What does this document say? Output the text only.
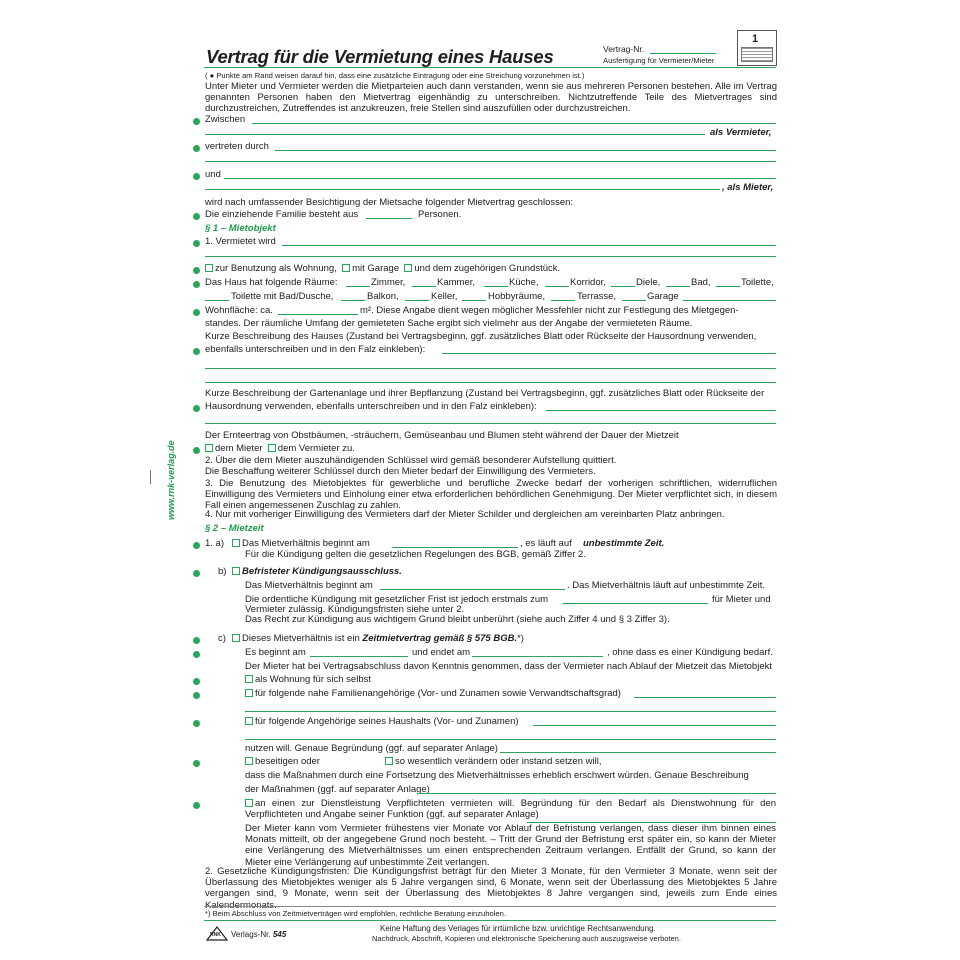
Vertrag für die Vermietung eines Hauses	Vertrag-Nr.
Ausfertigung für Vermieter/Mieter
1
www.rnk-verlag.de
( ● Punkte am Rand weisen darauf hin, dass eine zusätzliche Eintragung oder eine Streichung vorzunehmen ist.)
Unter Mieter und Vermieter werden die Mietparteien auch dann verstanden, wenn sie aus mehreren Personen bestehen. Alle im Vertrag genannten Personen haben den Mietvertrag eigenhändig zu unterschreiben. Nichtzutreffende Teile des Mietvertrages sind durchzustreichen, Zutreffendes ist anzukreuzen, freie Stellen sind auszufüllen oder durchzustreichen.
Zwischen
als Vermieter,
vertreten durch
und
, als Mieter,
wird nach umfassender Besichtigung der Mietsache folgender Mietvertrag geschlossen:
Die einziehende Familie besteht aus	Personen.
§ 1 – Mietobjekt
1. Vermietet wird
zur Benutzung als Wohnung, mit Garage und dem zugehörigen Grundstück.
Das Haus hat folgende Räume:	Zimmer,	Kammer,	Küche,	Korridor,	Diele,	Bad,	Toilette,
Toilette mit Bad/Dusche,	Balkon,	Keller,	Hobbyräume,	Terrasse,	Garage
Wohnfläche: ca.	m². Diese Angabe dient wegen möglicher Messfehler nicht zur Festlegung des Mietgegen-
standes. Der räumliche Umfang der gemieteten Sache ergibt sich vielmehr aus der Angabe der vermieteten Räume.
Kurze Beschreibung des Hauses (Zustand bei Vertragsbeginn, ggf. zusätzliches Blatt oder Rückseite der Hausordnung verwenden,
ebenfalls unterschreiben und in den Falz einkleben):
Kurze Beschreibung der Gartenanlage und ihrer Bepflanzung (Zustand bei Vertragsbeginn, ggf. zusätzliches Blatt oder Rückseite der
Hausordnung verwenden, ebenfalls unterschreiben und in den Falz einkleben):
Der Ernteertrag von Obstbäumen, -sträuchern, Gemüseanbau und Blumen steht während der Dauer der Mietzeit
dem Mieter dem Vermieter zu.
2. Über die dem Mieter auszuhändigenden Schlüssel wird gemäß besonderer Aufstellung quittiert.
Die Beschaffung weiterer Schlüssel durch den Mieter bedarf der Einwilligung des Vermieters.
3. Die Benutzung des Mietobjektes für gewerbliche und berufliche Zwecke bedarf der vorherigen schriftlichen, widerruflichen Einwilligung des Vermieters und Einholung einer etwa erforderlichen behördlichen Genehmigung. Der Mieter verpflichtet sich, in diesem Fall einen angemessenen Zuschlag zu zahlen.
4. Nur mit vorheriger Einwilligung des Vermieters darf der Mieter Schilder und dergleichen am vereinbarten Platz anbringen.
§ 2 – Mietzeit
1. a)	Das Mietverhältnis beginnt am	, es läuft auf unbestimmte Zeit.
Für die Kündigung gelten die gesetzlichen Regelungen des BGB, gemäß Ziffer 2.
b)	Befristeter Kündigungsausschluss.
Das Mietverhältnis beginnt am	. Das Mietverhältnis läuft auf unbestimmte Zeit.
Die ordentliche Kündigung mit gesetzlicher Frist ist jedoch erstmals zum	für Mieter und
Vermieter zulässig. Kündigungsfristen siehe unter 2.
Das Recht zur Kündigung aus wichtigem Grund bleibt unberührt (siehe auch Ziffer 4 und § 3 Ziffer 3).
c)	Dieses Mietverhältnis ist ein Zeitmietvertrag gemäß § 575 BGB.*)
Es beginnt am	und endet am	, ohne dass es einer Kündigung bedarf.
Der Mieter hat bei Vertragsabschluss davon Kenntnis genommen, dass der Vermieter nach Ablauf der Mietzeit das Mietobjekt
als Wohnung für sich selbst
für folgende nahe Familienangehörige (Vor- und Zunamen sowie Verwandtschaftsgrad)
für folgende Angehörige seines Haushalts (Vor- und Zunamen)
nutzen will. Genaue Begründung (ggf. auf separater Anlage)
beseitigen oder	so wesentlich verändern oder instand setzen will,
dass die Maßnahmen durch eine Fortsetzung des Mietverhältnisses erheblich erschwert würden. Genaue Beschreibung
der Maßnahmen (ggf. auf separater Anlage)
an einen zur Dienstleistung Verpflichteten vermieten will. Begründung für den Bedarf als Dienstwohnung für den Verpflichteten und Angabe seiner Funktion (ggf. auf separater Anlage)
Der Mieter kann vom Vermieter frühestens vier Monate vor Ablauf der Befristung verlangen, dass dieser ihm binnen eines Monats mitteilt, ob der angegebene Grund noch besteht. – Tritt der Grund der Befristung erst später ein, so kann der Mieter eine Verlängerung des Mietverhältnisses um einen entsprechenden Zeitraum verlangen. Entfällt der Grund, so kann der Mieter eine Verlängerung auf unbestimmte Zeit verlangen.
2. Gesetzliche Kündigungsfristen: Die Kündigungsfrist beträgt für den Mieter 3 Monate, für den Vermieter 3 Monate, wenn seit der Überlassung des Mietobjektes weniger als 5 Jahre vergangen sind, 6 Monate, wenn seit der Überlassung des Mietobjektes 5 Jahre vergangen sind, 9 Monate, wenn seit der Überlassung des Mietobjektes 8 Jahre vergangen sind, jeweils zum Ende eines Kalendermonats.
*) Beim Abschluss von Zeitmietverträgen wird empfohlen, rechtliche Beratung einzuholen.
RNK Verlags-Nr. 545
Keine Haftung des Verlages für irrtümliche bzw. unrichtige Rechtsanwendung.
Nachdruck, Abschrift, Kopieren und elektronische Speicherung auch auszugsweise verboten.
